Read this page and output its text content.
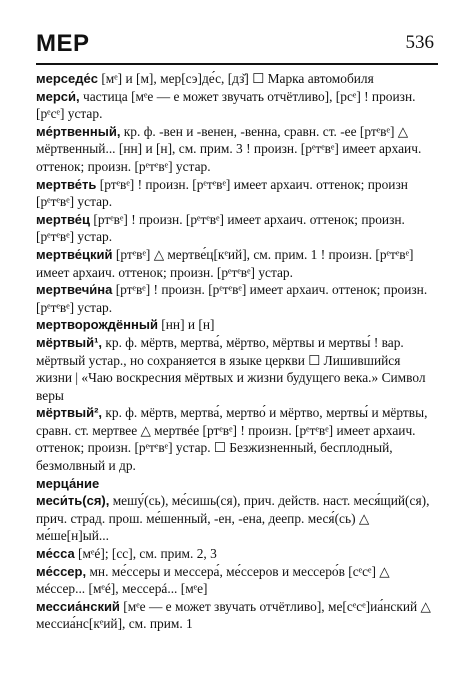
МЕР	536

мерседе́с [мᵉ] и [м], мер[сэ]де́с, [дз̌] ☐ Марка автомобиля

мерси́, частица [мᵉе — е может звучать отчётливо], [рсᵉ] ! произн. [рᵉсᵉ] устар.

ме́ртвенный, кр. ф. -вен и -венен, -венна, сравн. ст. -ее [ртᵉвᵉ] △ мёртвенный... [нн] и [н], см. прим. 3 ! произн. [рᵉтᵉвᵉ] имеет архаич. оттенок; произн. [рᵉтᵉвᵉ] устар.

мертве́ть [ртᵉвᵉ] ! произн. [рᵉтᵉвᵉ] имеет архаич. оттенок; произн [рᵉтᵉвᵉ] устар.

мертве́ц [ртᵉвᵉ] ! произн. [рᵉтᵉвᵉ] имеет архаич. оттенок; произн. [рᵉтᵉвᵉ] устар.

мертве́цкий [ртᵉвᵉ] △ мертве́ц[кᵉий], см. прим. 1 ! произн. [рᵉтᵉвᵉ] имеет архаич. оттенок; произн. [рᵉтᵉвᵉ] устар.

мертвечи́на [ртᵉвᵉ] ! произн. [рᵉтᵉвᵉ] имеет архаич. оттенок; произн. [рᵉтᵉвᵉ] устар.

мертворождённый [нн] и [н]

мёртвый¹, кр. ф. мёртв, мертва́, мёртво, мёртвы и мертвы́ ! вар. мёртвый устар., но сохраняется в языке церкви ☐ Лишившийся жизни | «Чаю воскресния мёртвых и жизни будущего века.» Символ веры

мёртвый², кр. ф. мёртв, мертва́, мертво́ и мёртво, мертвы́ и мёртвы, сравн. ст. мертвее △ мертвéе [ртᵉвᵉ] ! произн. [рᵉтᵉвᵉ] имеет архаич. оттенок; произн. [рᵉтᵉвᵉ] устар. ☐ Безжизненный, бесплодный, безмолвный и др.

мерца́ние

меси́ть(ся), мешу́(сь), ме́сишь(ся), прич. действ. наст. меся́щий(ся), прич. страд. прош. ме́шенный, -ен, -ена, деепр. меся́(сь) △ ме́ше[н]ый...

ме́сса [мᵉé]; [сс], см. прим. 2, 3

ме́ссер, мн. ме́ссеры и мессера́, ме́ссеров и мессеро́в [сᵉсᵉ] △ мéссер... [мᵉé], мессерá... [мᵉе]

мессиа́нский [мᵉе — е может звучать отчётливо], ме[сᵉсᵉ]иа́нский △ мессиа́нс[кᵉий], см. прим. 1
